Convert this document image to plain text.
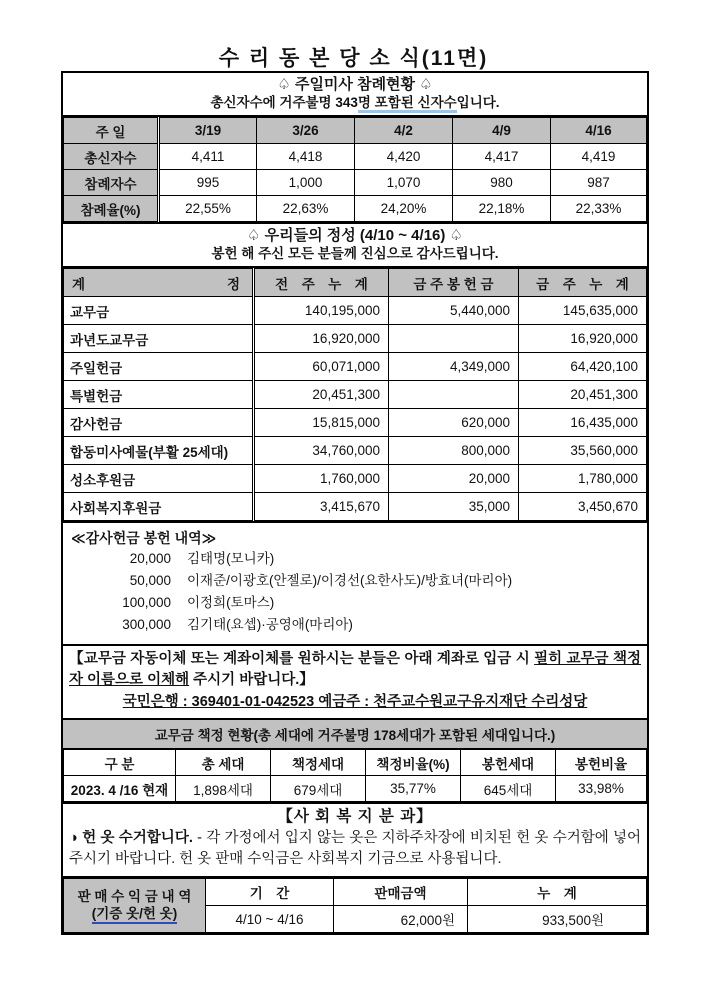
수 리 동 본 당 소 식(11면)
♤ 주일미사 참례현황 ♤
총신자수에 거주불명 343명 포함된 신자수입니다.
주 일	3/19	3/26	4/2	4/9	4/16
총신자수	4,411	4,418	4,420	4,417	4,419
참례자수	995	1,000	1,070	980	987
참례율(%)	22,55%	22,63%	24,20%	22,18%	22,33%
♤ 우리들의 정성 (4/10 ~ 4/16) ♤
봉헌 해 주신 모든 분들께 진심으로 감사드립니다.
계 정	전　주　누　계	금 주 봉 헌 금	금　주　누　계
교무금	140,195,000	5,440,000	145,635,000
과년도교무금	16,920,000		16,920,000
주일헌금	60,071,000	4,349,000	64,420,100
특별헌금	20,451,300		20,451,300
감사헌금	15,815,000	620,000	16,435,000
합동미사예물(부활 25세대)	34,760,000	800,000	35,560,000
성소후원금	1,760,000	20,000	1,780,000
사회복지후원금	3,415,670	35,000	3,450,670
≪감사헌금 봉헌 내역≫
20,000 김태명(모니카)
50,000 이재준/이광호(안젤로)/이경선(요한사도)/방효녀(마리아)
100,000 이정희(토마스)
300,000 김기태(요셉)·공영애(마리아)

【교무금 자동이체 또는 계좌이체를 원하시는 분들은 아래 계좌로 입금 시 필히 교무금 책정자 이름으로 이체해 주시기 바랍니다.】

국민은행 : 369401-01-042523 예금주 : 천주교수원교구유지재단 수리성당
교무금 책정 현황(총 세대에 거주불명 178세대가 포함된 세대입니다.)
구 분	총 세대	책정세대	책정비율(%)	봉헌세대	봉헌비율
2023. 4 /16 현재	1,898세대	679세대	35,77%	645세대	33,98%
【사 회 복 지 분 과】

◑ 헌 옷 수거합니다. - 각 가정에서 입지 않는 옷은 지하주차장에 비치된 헌 옷 수거함에 넣어 주시기 바랍니다. 헌 옷 판매 수익금은 사회복지 기금으로 사용됩니다.

판 매 수 익 금 내 역
(기증 옷/헌 옷)	기　간	판매금액	누　계
	4/10 ~ 4/16	62,000원	933,500원
